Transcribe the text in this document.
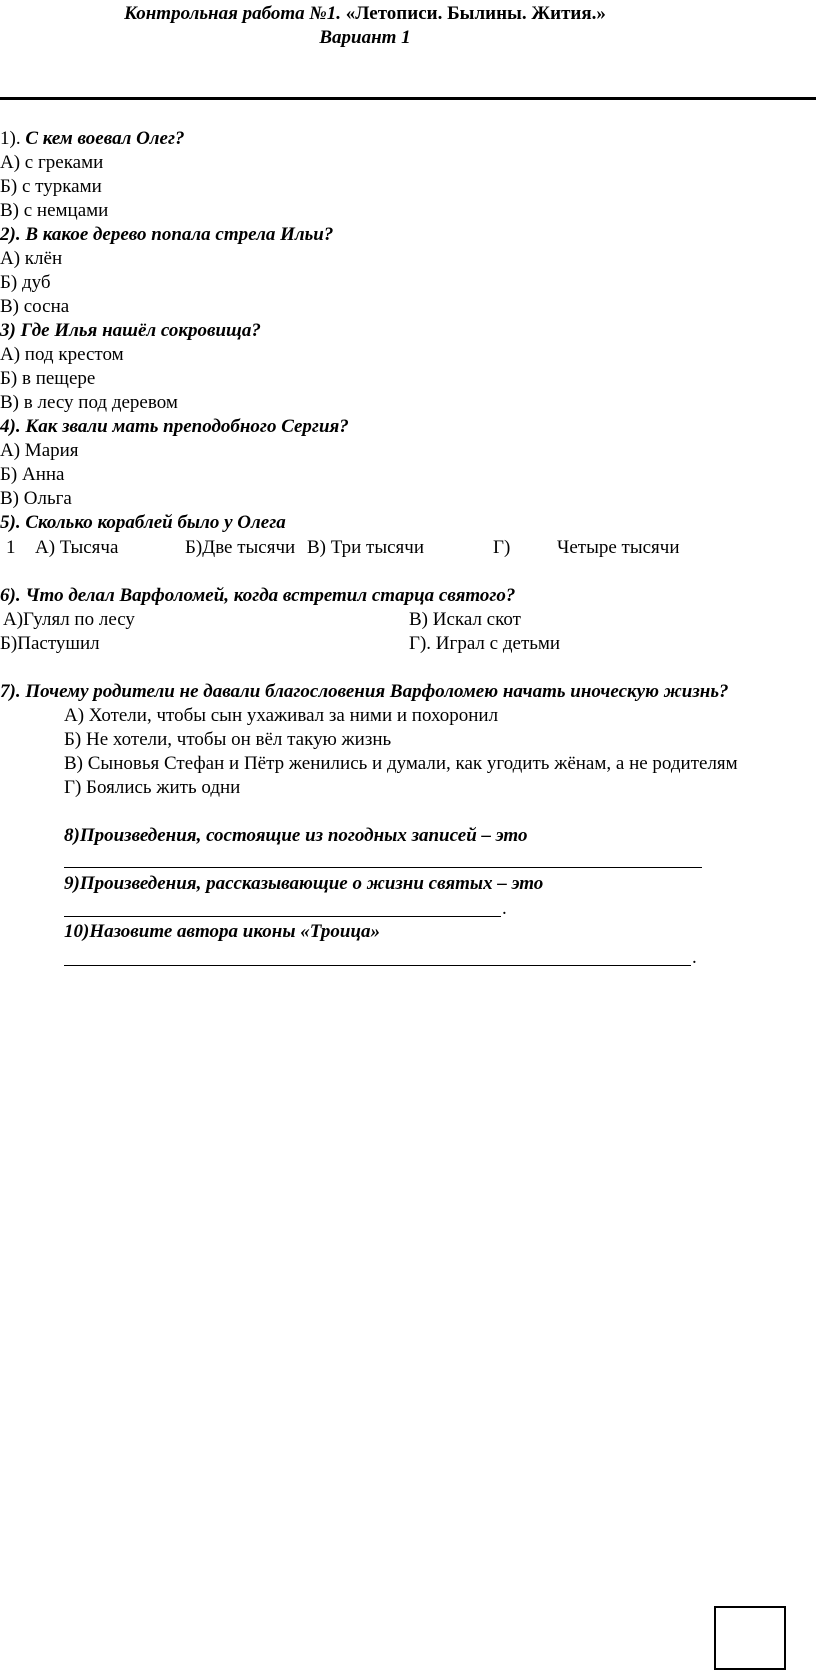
Контрольная работа №1. «Летописи. Былины. Жития.»
Вариант 1
1). С кем воевал Олег?
А) с греками
Б) с турками
В) с немцами
2). В какое дерево попала стрела Ильи?
А) клён
Б) дуб
В) сосна
3) Где Илья нашёл сокровища?
А) под крестом
Б) в пещере
В) в лесу под деревом
4). Как звали мать преподобного Сергия?
А) Мария
Б) Анна
В) Ольга
5). Сколько кораблей было у Олега
1 А) Тысяча	Б)Две тысячи В) Три тысячи	Г) Четыре тысячи
6). Что делал Варфоломей, когда встретил старца святого?
А)Гулял по лесу	В) Искал скот
Б)Пастушил	Г). Играл с детьми
7). Почему родители не давали благословения Варфоломею начать иноческую жизнь?
А) Хотели, чтобы сын ухаживал за ними и похоронил
Б) Не хотели, чтобы он вёл такую жизнь
В) Сыновья Стефан и Пётр женились и думали, как угодить жёнам, а не родителям
Г) Боялись жить одни
8)Произведения, состоящие из погодных записей – это
9)Произведения, рассказывающие о жизни святых – это
.
10)Назовите автора иконы «Троица»
.
